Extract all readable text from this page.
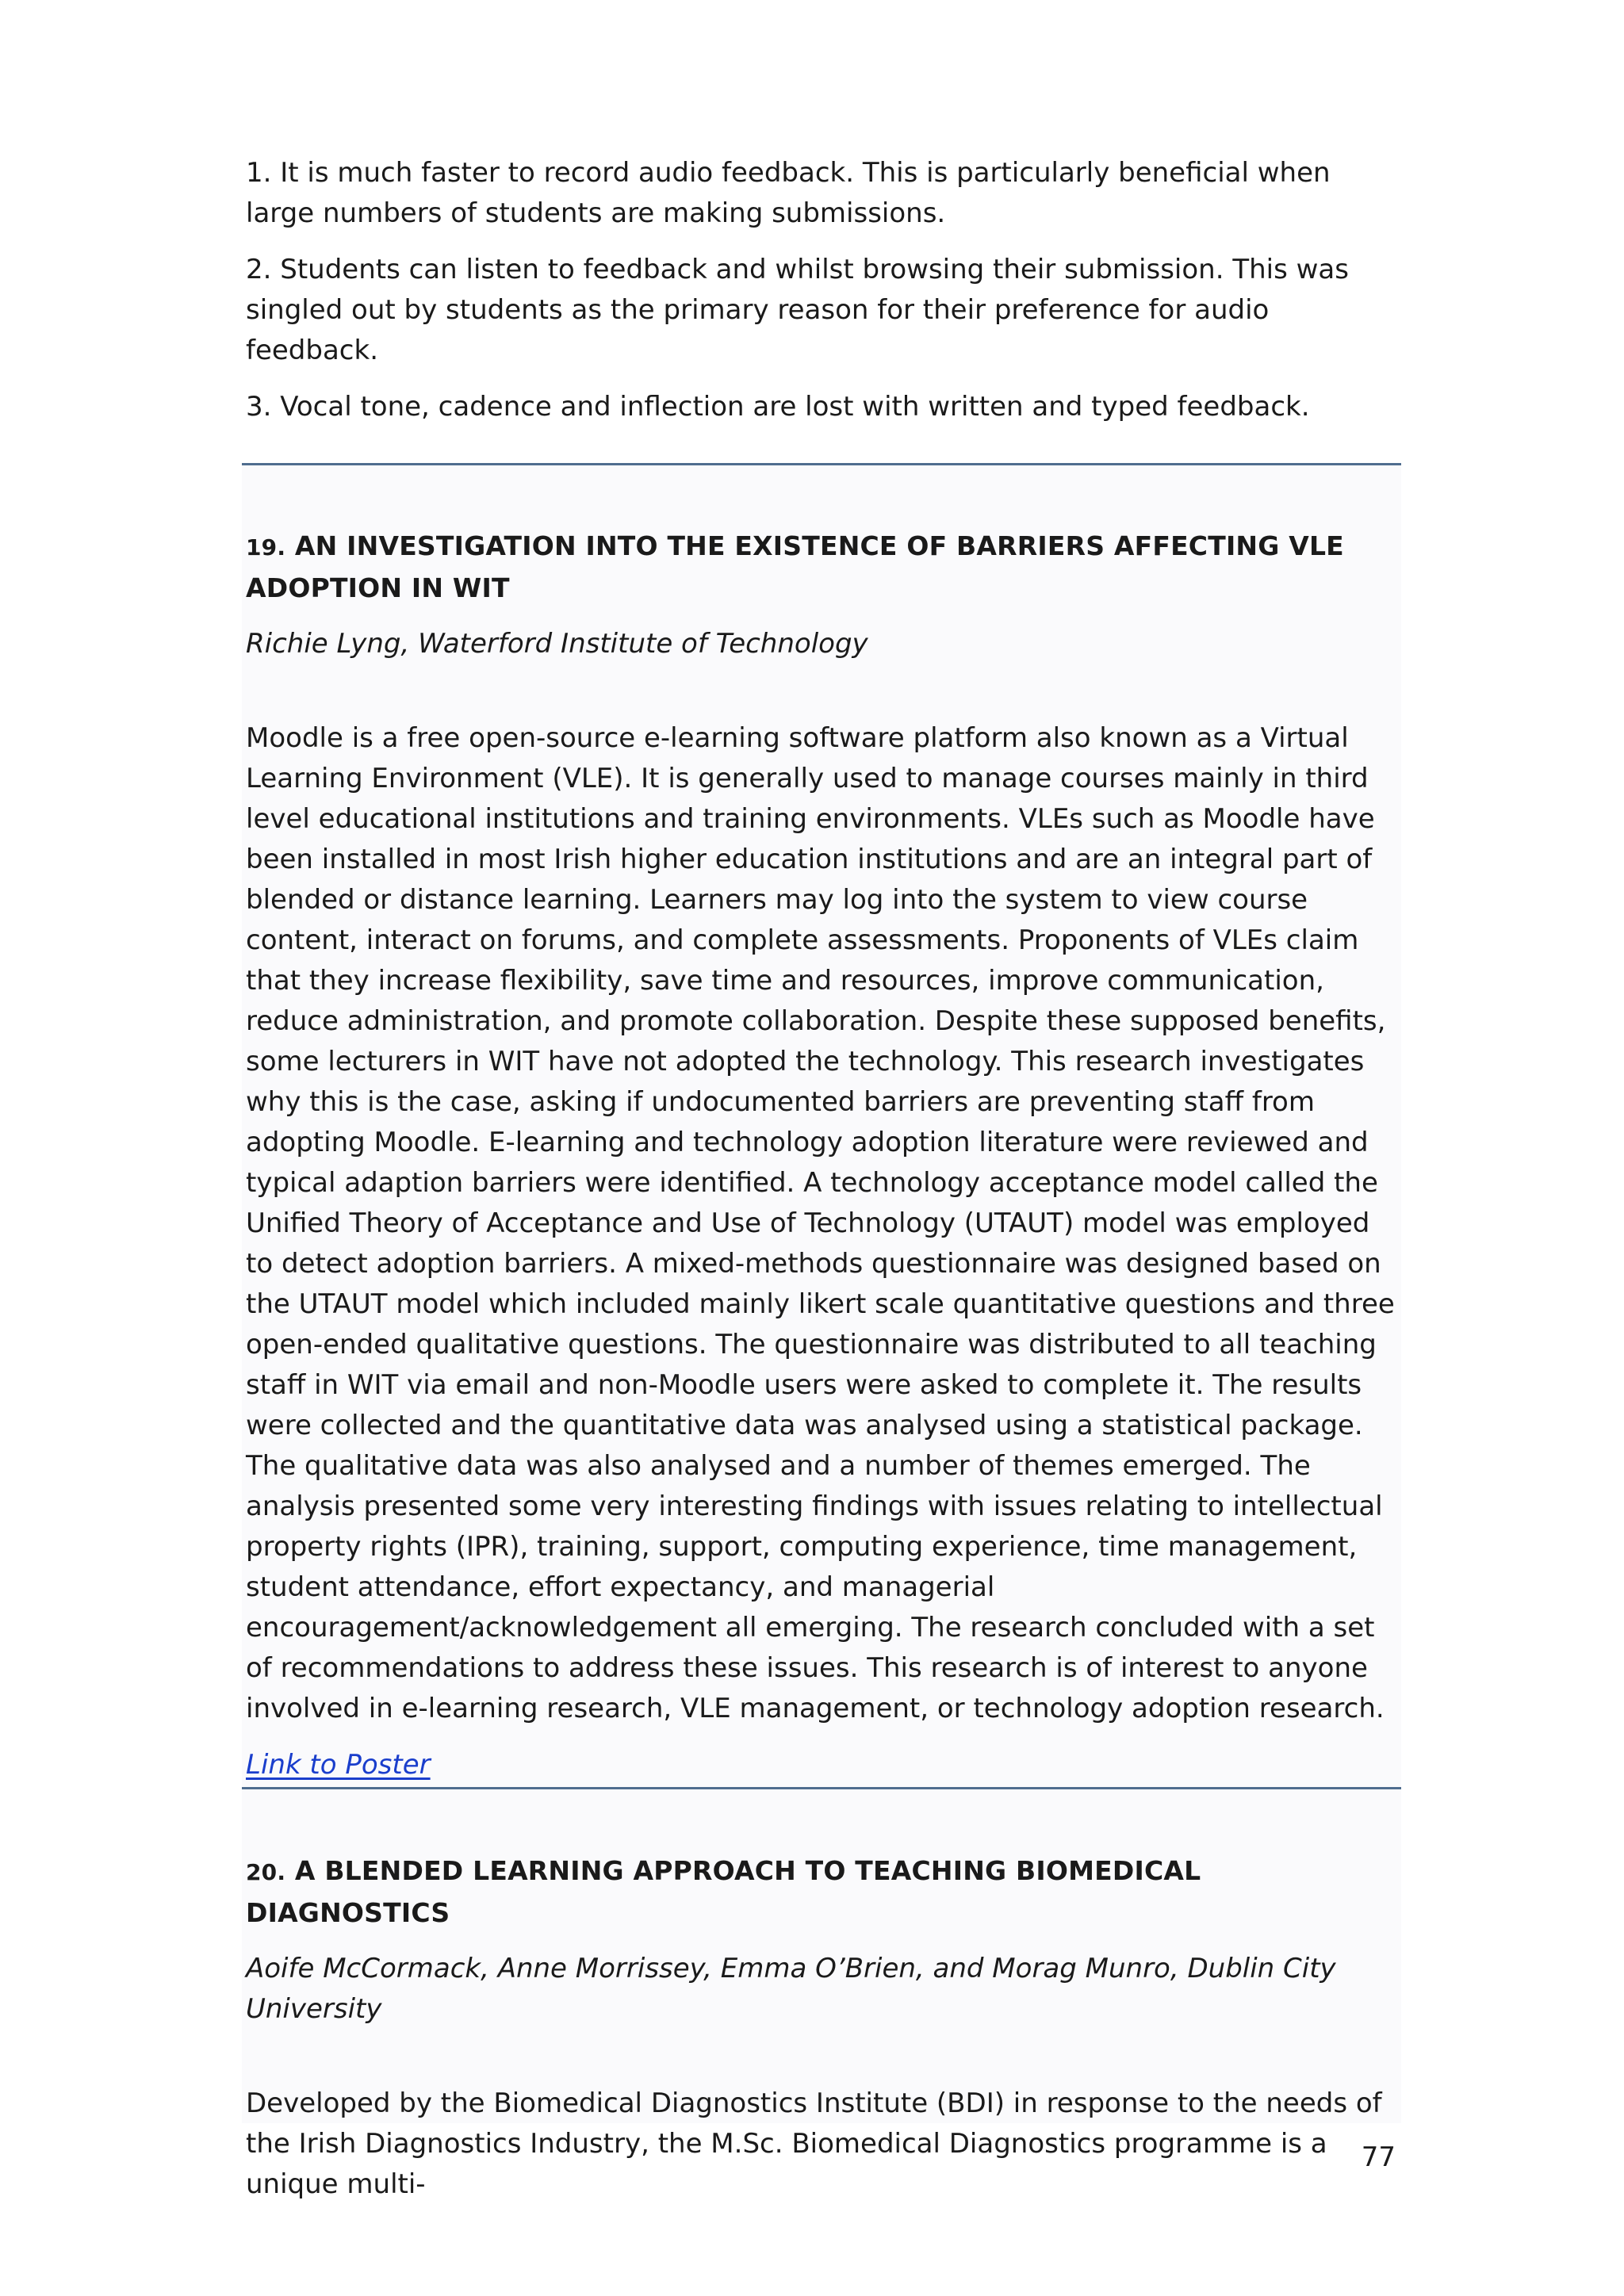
1. It is much faster to record audio feedback. This is particularly beneficial when large numbers of students are making submissions.

2. Students can listen to feedback and whilst browsing their submission. This was singled out by students as the primary reason for their preference for audio feedback.

3. Vocal tone, cadence and inflection are lost with written and typed feedback.

19. AN INVESTIGATION INTO THE EXISTENCE OF BARRIERS AFFECTING VLE ADOPTION IN WIT

Richie Lyng, Waterford Institute of Technology

Moodle is a free open-source e-learning software platform also known as a Virtual Learning Environment (VLE). It is generally used to manage courses mainly in third level educational institutions and training environments. VLEs such as Moodle have been installed in most Irish higher education institutions and are an integral part of blended or distance learning. Learners may log into the system to view course content, interact on forums, and complete assessments. Proponents of VLEs claim that they increase flexibility, save time and resources, improve communication, reduce administration, and promote collaboration. Despite these supposed benefits, some lecturers in WIT have not adopted the technology. This research investigates why this is the case, asking if undocumented barriers are preventing staff from adopting Moodle. E-learning and technology adoption literature were reviewed and typical adaption barriers were identified. A technology acceptance model called the Unified Theory of Acceptance and Use of Technology (UTAUT) model was employed to detect adoption barriers. A mixed-methods questionnaire was designed based on the UTAUT model which included mainly likert scale quantitative questions and three open-ended qualitative questions. The questionnaire was distributed to all teaching staff in WIT via email and non-Moodle users were asked to complete it. The results were collected and the quantitative data was analysed using a statistical package. The qualitative data was also analysed and a number of themes emerged. The analysis presented some very interesting findings with issues relating to intellectual property rights (IPR), training, support, computing experience, time management, student attendance, effort expectancy, and managerial encouragement/acknowledgement all emerging. The research concluded with a set of recommendations to address these issues. This research is of interest to anyone involved in e-learning research, VLE management, or technology adoption research.

Link to Poster

20. A BLENDED LEARNING APPROACH TO TEACHING BIOMEDICAL DIAGNOSTICS

Aoife McCormack, Anne Morrissey, Emma O’Brien, and Morag Munro, Dublin City University

Developed by the Biomedical Diagnostics Institute (BDI) in response to the needs of the Irish Diagnostics Industry, the M.Sc. Biomedical Diagnostics programme is a unique multi-

77
